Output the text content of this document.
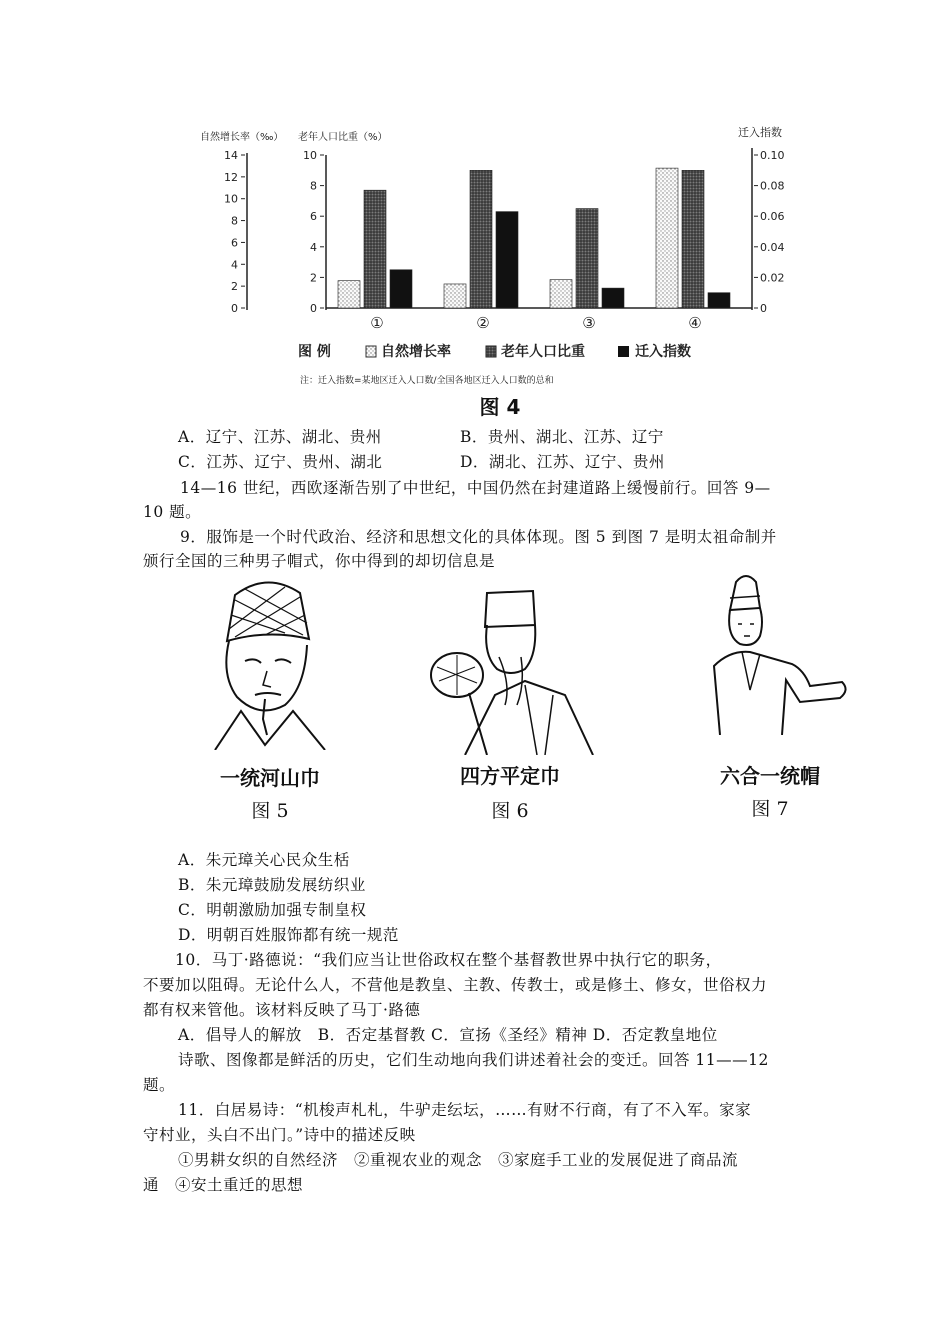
自然增长率（‰） 老年人口比重（%）	迁入指数
14
12
10
8
6
4
2
0
10
8
6
4
2
0
0.10
0.08
0.06
0.04
0.02
0
①	②	③	④
图 例	自然增长率	老年人口比重	迁入指数
注：迁入指数=某地区迁入人口数/全国各地区迁入人口数的总和
图 4
A．辽宁、江苏、湖北、贵州	B．贵州、湖北、江苏、辽宁
C．江苏、辽宁、贵州、湖北	D．湖北、江苏、辽宁、贵州
14—16 世纪，西欧逐渐告别了中世纪，中国仍然在封建道路上缓慢前行。回答 9—
10 题。
9．服饰是一个时代政治、经济和思想文化的具体体现。图 5 到图 7 是明太祖命制并
颁行全国的三种男子帽式，你中得到的却切信息是
一统河山巾	四方平定巾	六合一统帽
图 5	图 6	图 7
A．朱元璋关心民众生栝
B．朱元璋鼓励发展纺织业
C．明朝激励加强专制皇权
D．明朝百姓服饰都有统一规范
10．马丁·路德说：“我们应当让世俗政权在整个基督教世界中执行它的职务，
不要加以阻碍。无论什么人，不营他是教皇、主教、传教士，或是修土、修女，世俗权力
都有权来管他。该材料反映了马丁·路德
A．倡导人的解放　B．否定基督教 C．宣扬《圣经》精神 D．否定教皇地位
诗歌、图像都是鲜活的历史，它们生动地向我们讲述着社会的变迁。回答 11——12
题。
11．白居易诗：“机梭声札札，牛驴走纭坛，……有财不行商，有了不入军。家家
守村业，头白不出门。”诗中的描述反映
①男耕女织的自然经济　②重视农业的观念　③家庭手工业的发展促进了商品流
通　④安土重迁的思想
